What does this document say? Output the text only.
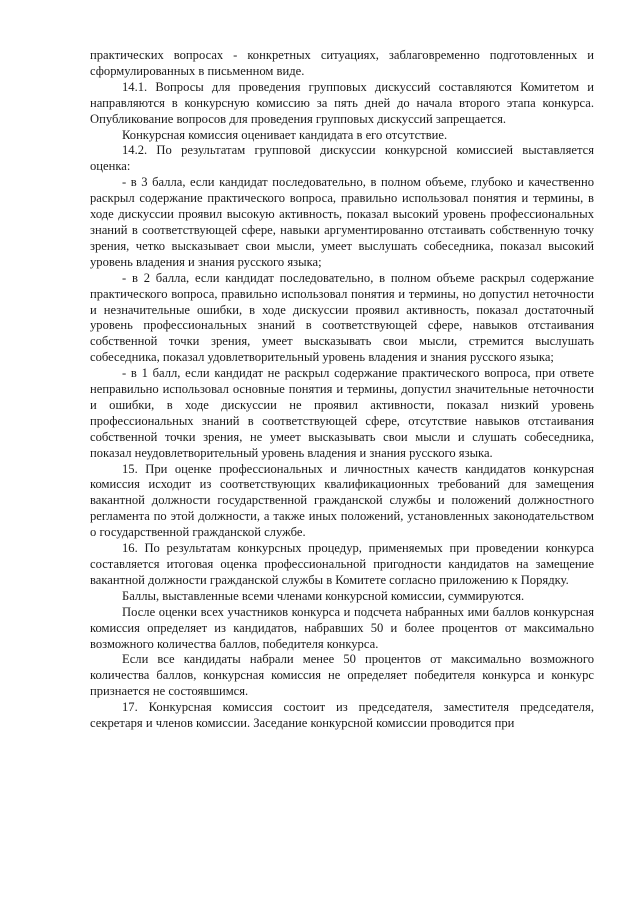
практических вопросах - конкретных ситуациях, заблаговременно подготовленных и сформулированных в письменном виде.

14.1. Вопросы для проведения групповых дискуссий составляются Комитетом и направляются в конкурсную комиссию за пять дней до начала второго этапа конкурса. Опубликование вопросов для проведения групповых дискуссий запрещается.

Конкурсная комиссия оценивает кандидата в его отсутствие.

14.2. По результатам групповой дискуссии конкурсной комиссией выставляется оценка:

- в 3 балла, если кандидат последовательно, в полном объеме, глубоко и качественно раскрыл содержание практического вопроса, правильно использовал понятия и термины, в ходе дискуссии проявил высокую активность, показал высокий уровень профессиональных знаний в соответствующей сфере, навыки аргументированно отстаивать собственную точку зрения, четко высказывает свои мысли, умеет выслушать собеседника, показал высокий уровень владения и знания русского языка;

- в 2 балла, если кандидат последовательно, в полном объеме раскрыл содержание практического вопроса, правильно использовал понятия и термины, но допустил неточности и незначительные ошибки, в ходе дискуссии проявил активность, показал достаточный уровень профессиональных знаний в соответствующей сфере, навыков отстаивания собственной точки зрения, умеет высказывать свои мысли, стремится выслушать собеседника, показал удовлетворительный уровень владения и знания русского языка;

- в 1 балл, если кандидат не раскрыл содержание практического вопроса, при ответе неправильно использовал основные понятия и термины, допустил значительные неточности и ошибки, в ходе дискуссии не проявил активности, показал низкий уровень профессиональных знаний в соответствующей сфере, отсутствие навыков отстаивания собственной точки зрения, не умеет высказывать свои мысли и слушать собеседника, показал неудовлетворительный уровень владения и знания русского языка.

15. При оценке профессиональных и личностных качеств кандидатов конкурсная комиссия исходит из соответствующих квалификационных требований для замещения вакантной должности государственной гражданской службы и положений должностного регламента по этой должности, а также иных положений, установленных законодательством о государственной гражданской службе.

16. По результатам конкурсных процедур, применяемых при проведении конкурса составляется итоговая оценка профессиональной пригодности кандидатов на замещение вакантной должности гражданской службы в Комитете согласно приложению к Порядку.

Баллы, выставленные всеми членами конкурсной комиссии, суммируются.

После оценки всех участников конкурса и подсчета набранных ими баллов конкурсная комиссия определяет из кандидатов, набравших 50 и более процентов от максимально возможного количества баллов, победителя конкурса.

Если все кандидаты набрали менее 50 процентов от максимально возможного количества баллов, конкурсная комиссия не определяет победителя конкурса и конкурс признается не состоявшимся.

17. Конкурсная комиссия состоит из председателя, заместителя председателя, секретаря и членов комиссии. Заседание конкурсной комиссии проводится при
